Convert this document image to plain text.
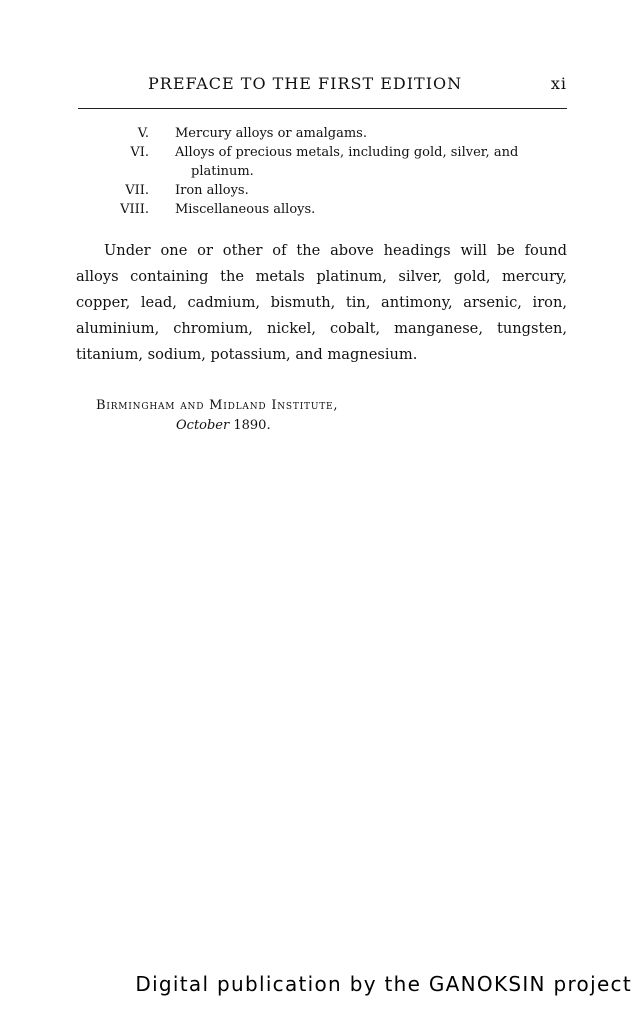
PREFACE TO THE FIRST EDITION	xi
V. Mercury alloys or amalgams.
VI. Alloys of precious metals, including gold, silver, and
platinum.
VII. Iron alloys.
VIII. Miscellaneous alloys.

Under one or other of the above headings will be found
alloys containing the metals platinum, silver, gold, mercury,
copper, lead, cadmium, bismuth, tin, antimony, arsenic, iron,
aluminium, chromium, nickel, cobalt, manganese, tungsten,
titanium, sodium, potassium, and magnesium.

Birmingham and Midland Institute,
October 1890.
Digital publication by the GANOKSIN project
